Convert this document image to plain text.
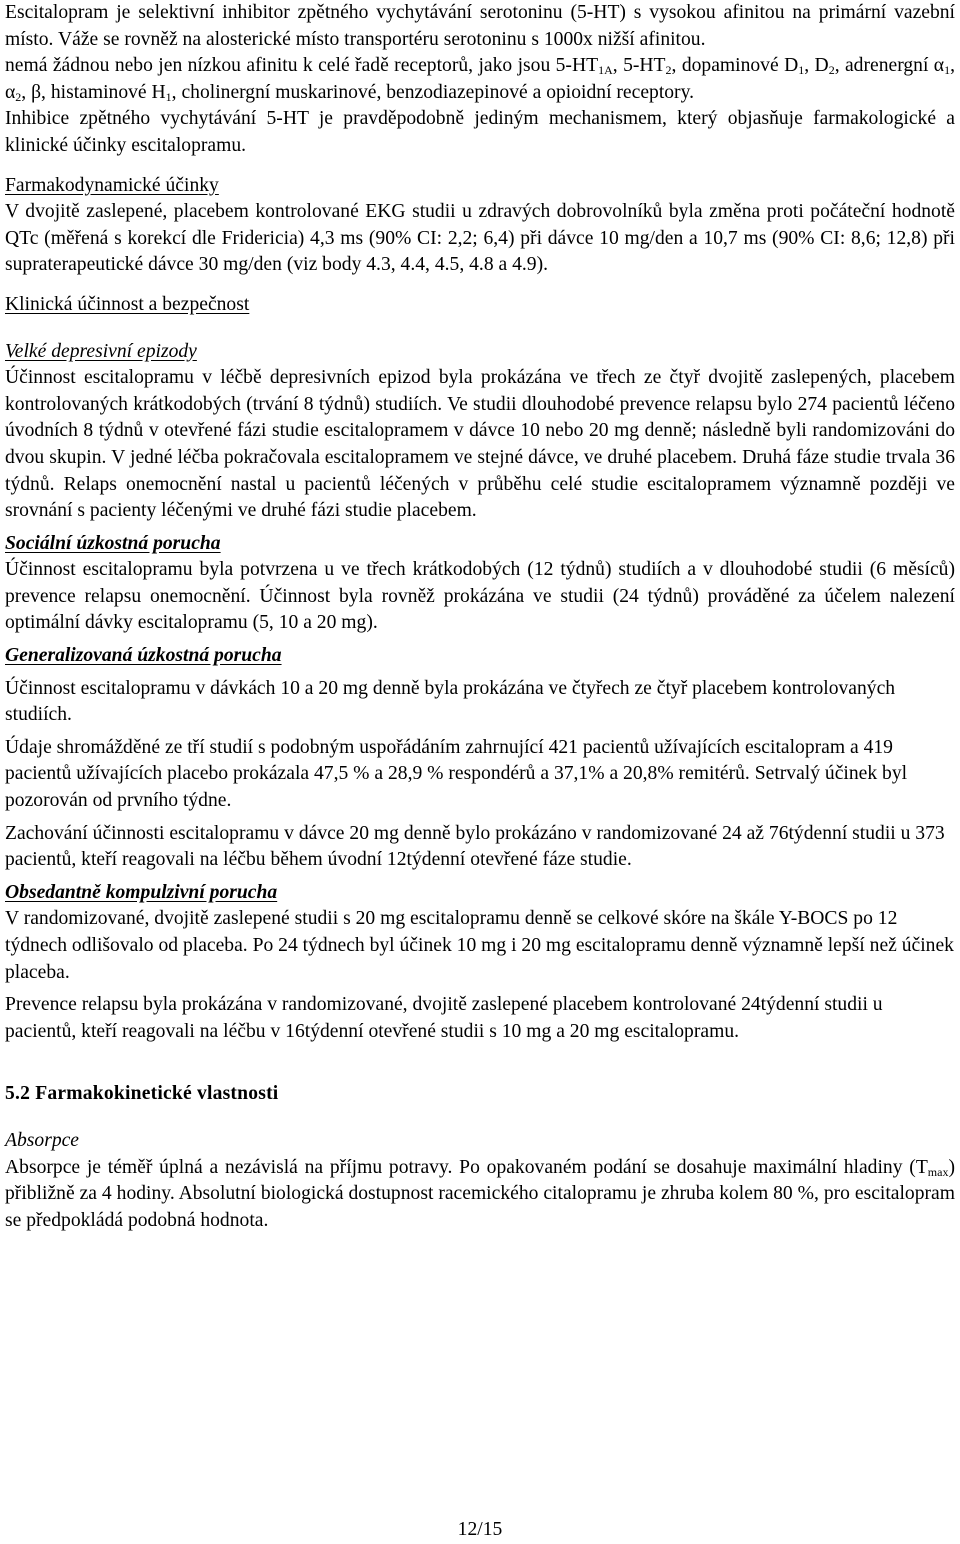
Escitalopram je selektivní inhibitor zpětného vychytávání serotoninu (5-HT) s vysokou afinitou na primární vazební místo. Váže se rovněž na alosterické místo transportéru serotoninu s 1000x nižší afinitou.

nemá žádnou nebo jen nízkou afinitu k celé řadě receptorů, jako jsou $5-HT_{1A}$, $5-HT_2$, dopaminové $D_1$, $D_2$, adrenergní $\alpha_1$, $\alpha_2$, β, histaminové $H_1$, cholinergní muskarinové, benzodiazepinové a opioidní receptory.

Inhibice zpětného vychytávání 5-HT je pravděpodobně jediným mechanismem, který objasňuje farmakologické a klinické účinky escitalopramu.

Farmakodynamické účinky

V dvojitě zaslepené, placebem kontrolované EKG studii u zdravých dobrovolníků byla změna proti počáteční hodnotě QTc (měřená s korekcí dle Fridericia) 4,3 ms (90% CI: 2,2; 6,4) při dávce 10 mg/den a 10,7 ms (90% CI: 8,6; 12,8) při supraterapeutické dávce 30 mg/den (viz body 4.3, 4.4, 4.5, 4.8 a 4.9).

Klinická účinnost a bezpečnost

Velké depresivní epizody

Účinnost escitalopramu v léčbě depresivních epizod byla prokázána ve třech ze čtyř dvojitě zaslepených, placebem kontrolovaných krátkodobých (trvání 8 týdnů) studiích. Ve studii dlouhodobé prevence relapsu bylo 274 pacientů léčeno úvodních 8 týdnů v otevřené fázi studie escitalopramem v dávce 10 nebo 20 mg denně; následně byli randomizováni do dvou skupin. V jedné léčba pokračovala escitalopramem ve stejné dávce, ve druhé placebem. Druhá fáze studie trvala 36 týdnů. Relaps onemocnění nastal u pacientů léčených v průběhu celé studie escitalopramem významně později ve srovnání s pacienty léčenými ve druhé fázi studie placebem.

Sociální úzkostná porucha

Účinnost escitalopramu byla potvrzena u ve třech krátkodobých (12 týdnů) studiích a v dlouhodobé studii (6 měsíců) prevence relapsu onemocnění. Účinnost byla rovněž prokázána ve studii (24 týdnů) prováděné za účelem nalezení optimální dávky escitalopramu (5, 10 a 20 mg).

Generalizovaná úzkostná porucha

Účinnost escitalopramu v dávkách 10 a 20 mg denně byla prokázána ve čtyřech ze čtyř placebem kontrolovaných studiích.

Údaje shromážděné ze tří studií s podobným uspořádáním zahrnující 421 pacientů užívajících escitalopram a 419 pacientů užívajících placebo prokázala 47,5 % a 28,9 % respondérů a 37,1% a 20,8% remitérů. Setrvalý účinek byl pozorován od prvního týdne.

Zachování účinnosti escitalopramu v dávce 20 mg denně bylo prokázáno v randomizované 24 až 76týdenní studii u 373 pacientů, kteří reagovali na léčbu během úvodní 12týdenní otevřené fáze studie.

Obsedantně kompulzivní porucha

V randomizované, dvojitě zaslepené studii s 20 mg escitalopramu denně se celkové skóre na škále Y-BOCS po 12 týdnech odlišovalo od placeba. Po 24 týdnech byl účinek 10 mg i 20 mg escitalopramu denně významně lepší než účinek placeba.

Prevence relapsu byla prokázána v randomizované, dvojitě zaslepené placebem kontrolované 24týdenní studii u pacientů, kteří reagovali na léčbu v 16týdenní otevřené studii s 10 mg a 20 mg escitalopramu.

5.2 Farmakokinetické vlastnosti

Absorpce

Absorpce je téměř úplná a nezávislá na příjmu potravy. Po opakovaném podání se dosahuje maximální hladiny $(T_{max})$ přibližně za 4 hodiny. Absolutní biologická dostupnost racemického citalopramu je zhruba kolem 80 %, pro escitalopram se předpokládá podobná hodnota.

12/15
